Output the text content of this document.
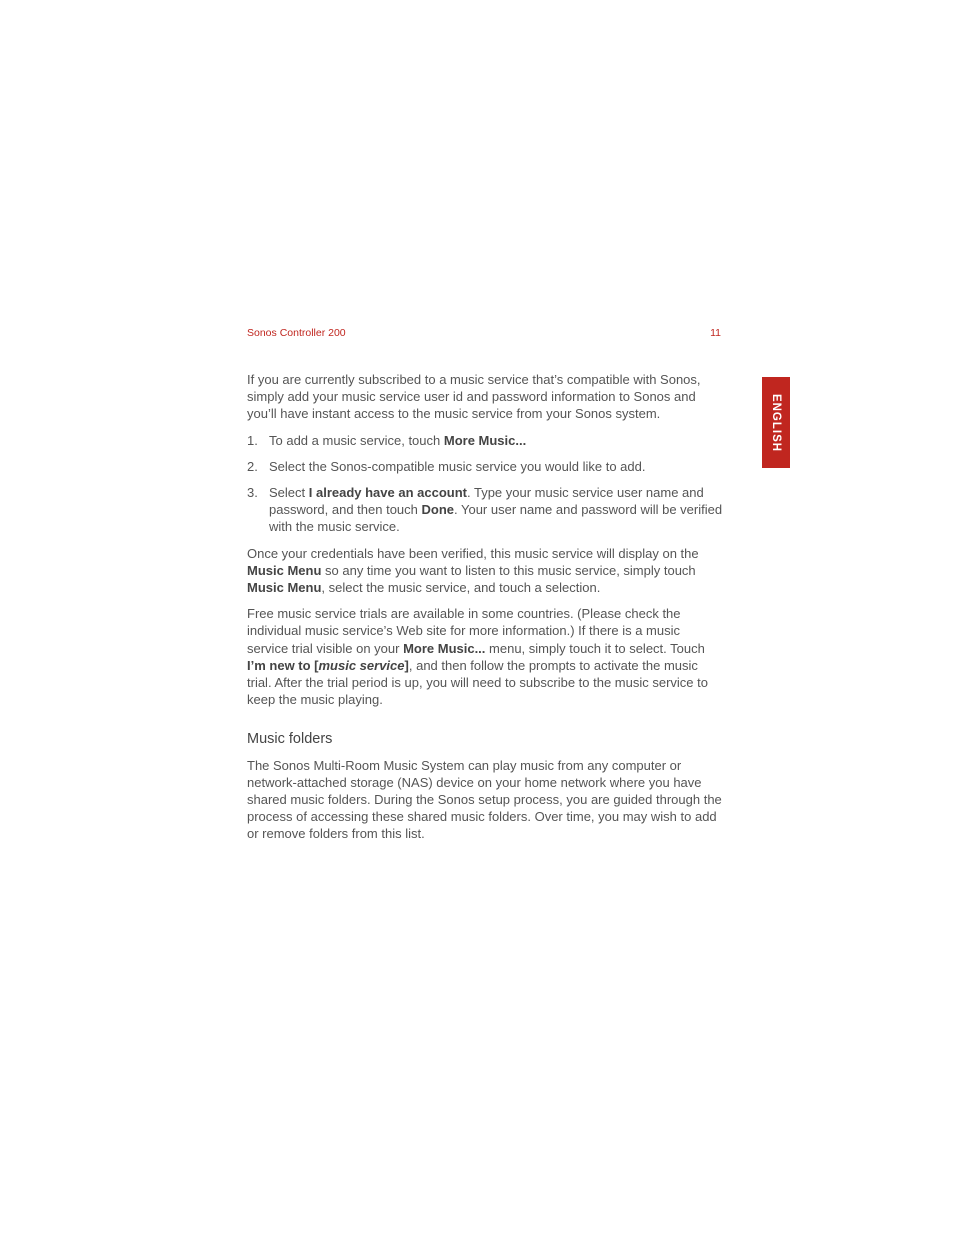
Sonos Controller 200	11
ENGLISH

If you are currently subscribed to a music service that’s compatible with Sonos, simply add your music service user id and password information to Sonos and you’ll have instant access to the music service from your Sonos system.

1. To add a music service, touch More Music...
2. Select the Sonos-compatible music service you would like to add.
3. Select I already have an account. Type your music service user name and password, and then touch Done. Your user name and password will be verified with the music service.

Once your credentials have been verified, this music service will display on the Music Menu so any time you want to listen to this music service, simply touch Music Menu, select the music service, and touch a selection.

Free music service trials are available in some countries. (Please check the individual music service’s Web site for more information.) If there is a music service trial visible on your More Music... menu, simply touch it to select. Touch I’m new to [music service], and then follow the prompts to activate the music trial. After the trial period is up, you will need to subscribe to the music service to keep the music playing.

Music folders

The Sonos Multi-Room Music System can play music from any computer or network-attached storage (NAS) device on your home network where you have shared music folders. During the Sonos setup process, you are guided through the process of accessing these shared music folders. Over time, you may wish to add or remove folders from this list.
